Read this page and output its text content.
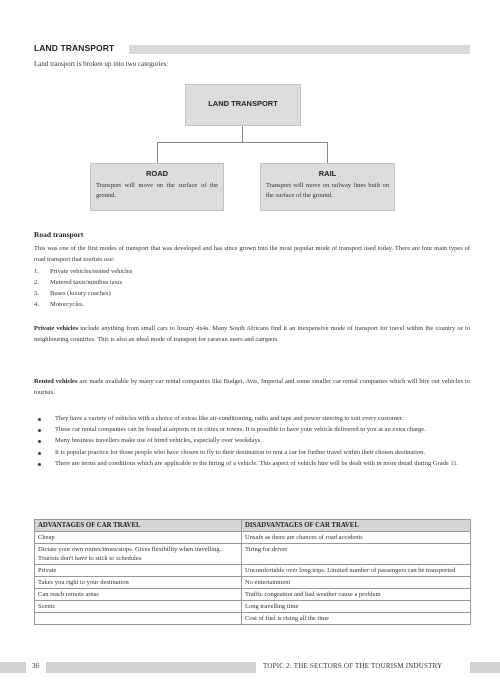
LAND TRANSPORT
Land transport is broken up into two categories:
LAND TRANSPORT
ROAD
Transport will move on the surface of the ground.
RAIL
Transport will move on railway lines built on the surface of the ground.
Road transport

This was one of the first modes of transport that was developed and has since grown into the most popular mode of transport used today. There are four main types of road transport that tourists use:

1. Private vehicles/rented vehicles
2. Metered taxis/minibus taxis
3. Buses (luxury coaches)
4. Motorcycles.

Private vehicles include anything from small cars to luxury 4x4s. Many South Africans find it an inexpensive mode of transport for travel within the country or to neighbouring countries. This is also an ideal mode of transport for caravan users and campers.

Rented vehicles are made available by many car rental companies like Budget, Avis, Imperial and some smaller car rental companies which will hire out vehicles to tourists.

They have a variety of vehicles with a choice of extras like air-conditioning, radio and tape and power steering to suit every customer.
These car rental companies can be found at airports or in cities or towns. It is possible to have your vehicle delivered to you at an extra charge.
Many business travellers make use of hired vehicles, especially over weekdays.
It is popular practice for those people who have chosen to fly to their destination to rent a car for further travel within their chosen destination.
There are terms and conditions which are applicable to the hiring of a vehicle. This aspect of vehicle hire will be dealt with in more detail during Grade 11.
ADVANTAGES OF CAR TRAVEL	DISADVANTAGES OF CAR TRAVEL
Cheap	Unsafe as there are chances of road accidents
Dictate your own routes/times/stops. Gives flexibility when travelling. Tourists don't have to stick to schedules	Tiring for driver
Private	Uncomfortable over long trips. Limited number of passengers can be transported
Takes you right to your destination	No entertainment
Can reach remote areas	Traffic congestion and bad weather cause a problem
Scenic	Long travelling time
	Cost of fuel is rising all the time
36	TOPIC 2: THE SECTORS OF THE TOURISM INDUSTRY
